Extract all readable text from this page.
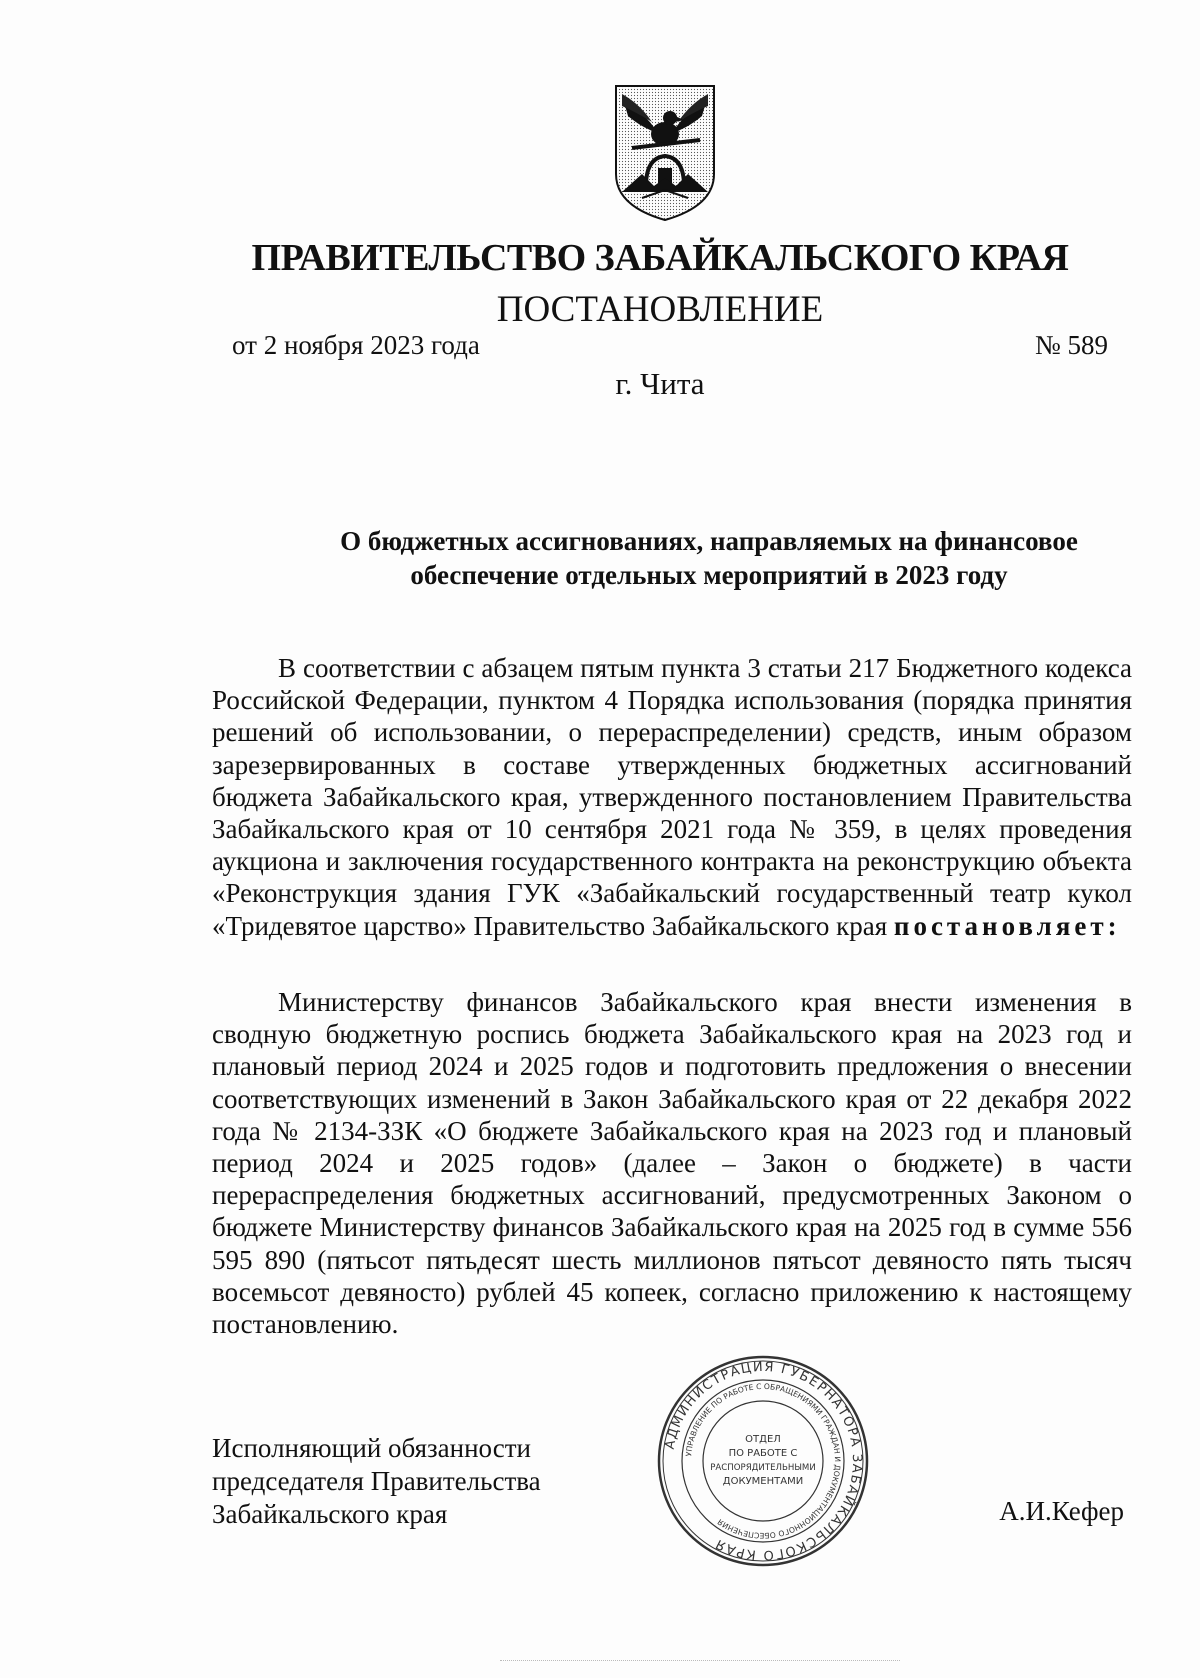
ПРАВИТЕЛЬСТВО ЗАБАЙКАЛЬСКОГО КРАЯ
ПОСТАНОВЛЕНИЕ
от 2 ноября 2023 года	№ 589
г. Чита
О бюджетных ассигнованиях, направляемых на финансовое
обеспечение отдельных мероприятий в 2023 году
В соответствии с абзацем пятым пункта 3 статьи 217 Бюджетного кодекса Российской Федерации, пунктом 4 Порядка использования (порядка принятия решений об использовании, о перераспределении) средств, иным образом зарезервированных в составе утвержденных бюджетных ассигнований бюджета Забайкальского края, утвержденного постановлением Правительства Забайкальского края от 10 сентября 2021 года № 359, в целях проведения аукциона и заключения государственного контракта на реконструкцию объекта «Реконструкция здания ГУК «Забайкальский государственный театр кукол «Тридевятое царство» Правительство Забайкальского края постановляет:
Министерству финансов Забайкальского края внести изменения в сводную бюджетную роспись бюджета Забайкальского края на 2023 год и плановый период 2024 и 2025 годов и подготовить предложения о внесении соответствующих изменений в Закон Забайкальского края от 22 декабря 2022 года № 2134-ЗЗК «О бюджете Забайкальского края на 2023 год и плановый период 2024 и 2025 годов» (далее – Закон о бюджете) в части перераспределения бюджетных ассигнований, предусмотренных Законом о бюджете Министерству финансов Забайкальского края на 2025 год в сумме 556 595 890 (пятьсот пятьдесят шесть миллионов пятьсот девяносто пять тысяч восемьсот девяносто) рублей 45 копеек, согласно приложению к настоящему постановлению.
Исполняющий обязанности
председателя Правительства
Забайкальского края	А.И.Кефер
АДМИНИСТРАЦИЯ ГУБЕРНАТОРА ЗАБАЙКАЛЬСКОГО КРАЯ
УПРАВЛЕНИЕ ПО РАБОТЕ С ОБРАЩЕНИЯМИ ГРАЖДАН И ДОКУМЕНТАЦИОННОГО ОБЕСПЕЧЕНИЯ
ОТДЕЛ
ПО РАБОТЕ С
РАСПОРЯДИТЕЛЬНЫМИ
ДОКУМЕНТАМИ
